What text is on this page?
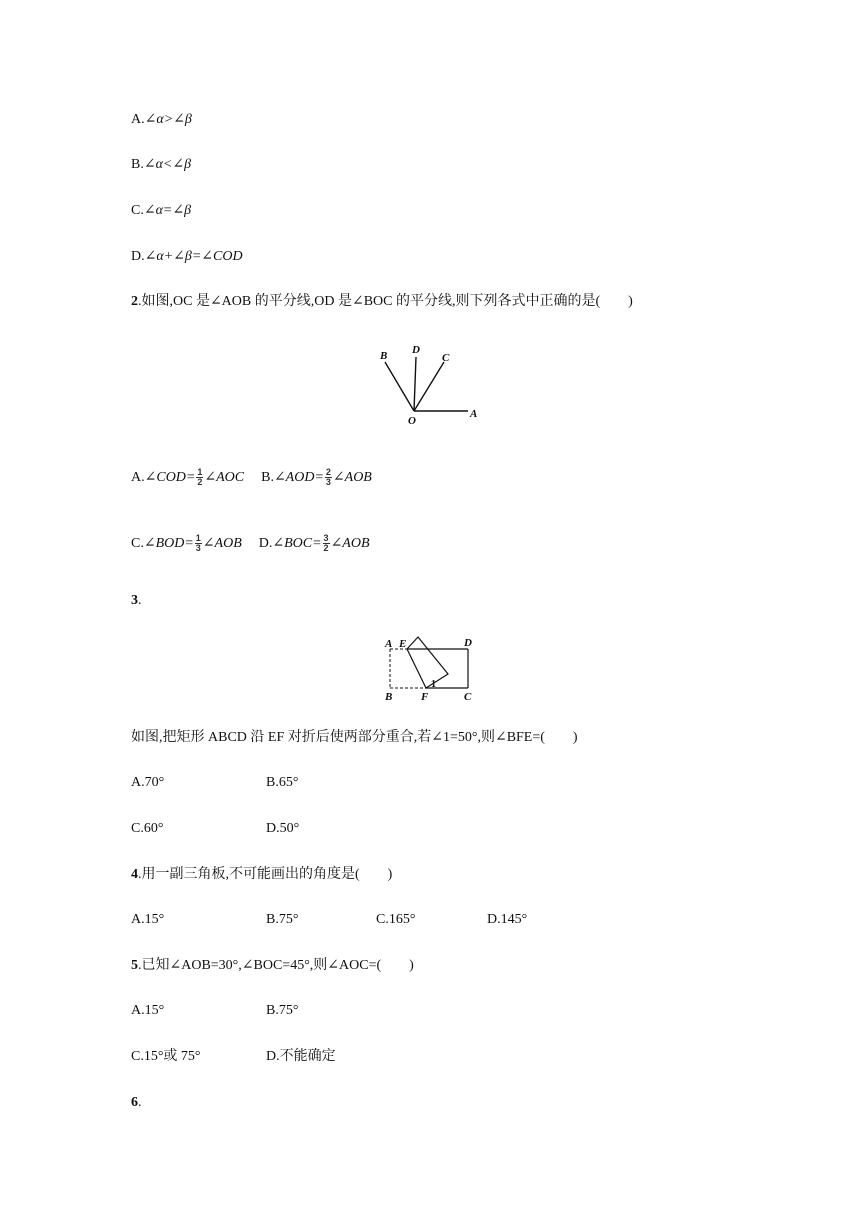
A.∠α>∠β
B.∠α<∠β
C.∠α=∠β
D.∠α+∠β=∠COD
2.如图,OC 是∠AOB 的平分线,OD 是∠BOC 的平分线,则下列各式中正确的是(　　)
B D
C
O
A
A.∠COD= $\frac{1}{2}$ ∠AOC B.∠AOD= $\frac{2}{3}$ ∠AOB
C.∠BOD= $\frac{1}{3}$ ∠AOB D.∠BOC= $\frac{3}{2}$ ∠AOB
3.
A E	D
B	F	C
1
如图,把矩形 ABCD 沿 EF 对折后使两部分重合,若∠1=50°,则∠BFE=(　　)
A.70°	B.65°
C.60°	D.50°
4.用一副三角板,不可能画出的角度是(　　)
A.15°	B.75°	C.165°	D.145°
5.已知∠AOB=30°,∠BOC=45°,则∠AOC=(　　)
A.15°	B.75°
C.15°或 75°	D.不能确定
6.
